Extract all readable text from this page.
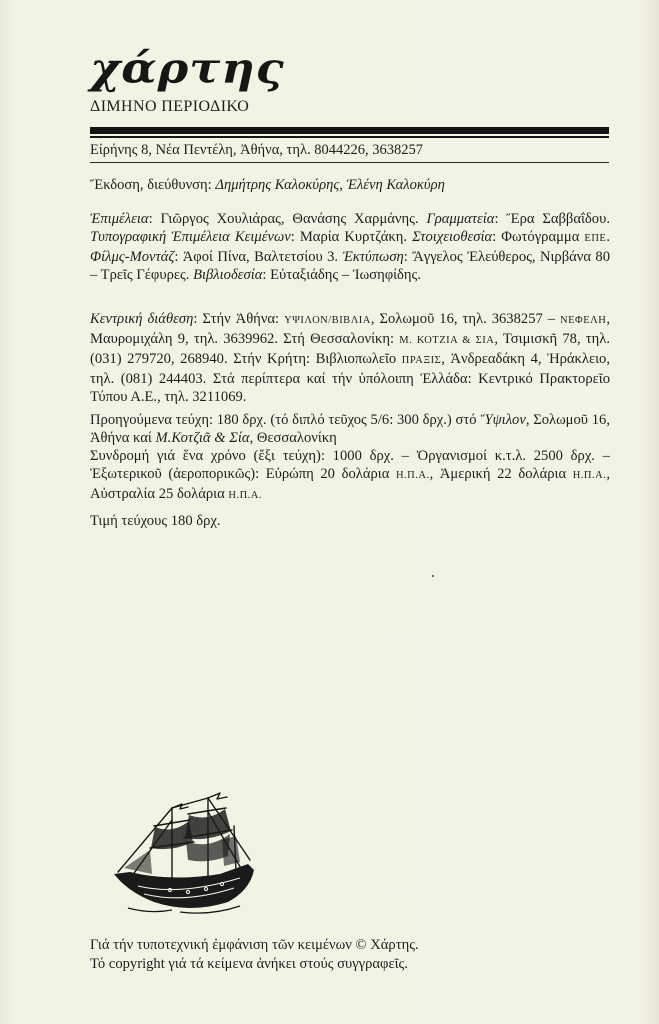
χάρτης
ΔΙΜΗΝΟ ΠΕΡΙΟΔΙΚΟ
Εἰρήνης 8, Νέα Πεντέλη, Ἀθήνα, τηλ. 8044226, 3638257

Ἔκδοση, διεύθυνση: Δημήτρης Καλοκύρης, Ἑλένη Καλοκύρη

Ἐπιμέλεια: Γιῶργος Χουλιάρας, Θανάσης Χαρμάνης. Γραμματεία: Ἔρα Σαββαΐδου. Τυπογραφική Ἐπιμέλεια Κειμένων: Μαρία Κυρτζάκη. Στοιχειοθεσία: Φωτόγραμμα ΕΠΕ. Φίλμς-Μοντάζ: Ἀφοί Πίνα, Βαλτετσίου 3. Ἐκτύπωση: Ἄγγελος Ἐλεύθερος, Νιρβάνα 80 – Τρεῖς Γέφυρες. Βιβλιοδεσία: Εὐταξιάδης – Ἰωσηφίδης.

Κεντρική διάθεση: Στήν Ἀθήνα: ΥΨΙΛΟΝ/ΒΙΒΛΙΑ, Σολωμοῦ 16, τηλ. 3638257 – ΝΕΦΕΛΗ, Μαυρομιχάλη 9, τηλ. 3639962. Στή Θεσσαλονίκη: Μ. ΚΟΤΖΙΑ & ΣΙΑ, Τσιμισκῆ 78, τηλ. (031) 279720, 268940. Στήν Κρήτη: Βιβλιοπωλεῖο ΠΡΑΞΙΣ, Ἀνδρεαδάκη 4, Ἡράκλειο, τηλ. (081) 244403. Στά περίπτερα καί τήν ὑπόλοιπη Ἑλλάδα: Κεντρικό Πρακτορεῖο Τύπου Α.Ε., τηλ. 3211069.

Προηγούμενα τεύχη: 180 δρχ. (τό διπλό τεῦχος 5/6: 300 δρχ.) στό Ὕψιλον, Σολωμοῦ 16, Ἀθήνα καί Μ.Κοτζιᾶ & Σία, Θεσσαλονίκη

Συνδρομή γιά ἕνα χρόνο (ἔξι τεύχη): 1000 δρχ. – Ὀργανισμοί κ.τ.λ. 2500 δρχ. – Ἐξωτερικοῦ (ἀεροπορικῶς): Εὐρώπη 20 δολάρια Η.Π.Α., Ἀμερική 22 δολάρια Η.Π.Α., Αὐστραλία 25 δολάρια Η.Π.Α.

Τιμή τεύχους 180 δρχ.
Γιά τήν τυποτεχνική ἐμφάνιση τῶν κειμένων © Χάρτης.
Τό copyright γιά τά κείμενα ἀνήκει στούς συγγραφεῖς.
